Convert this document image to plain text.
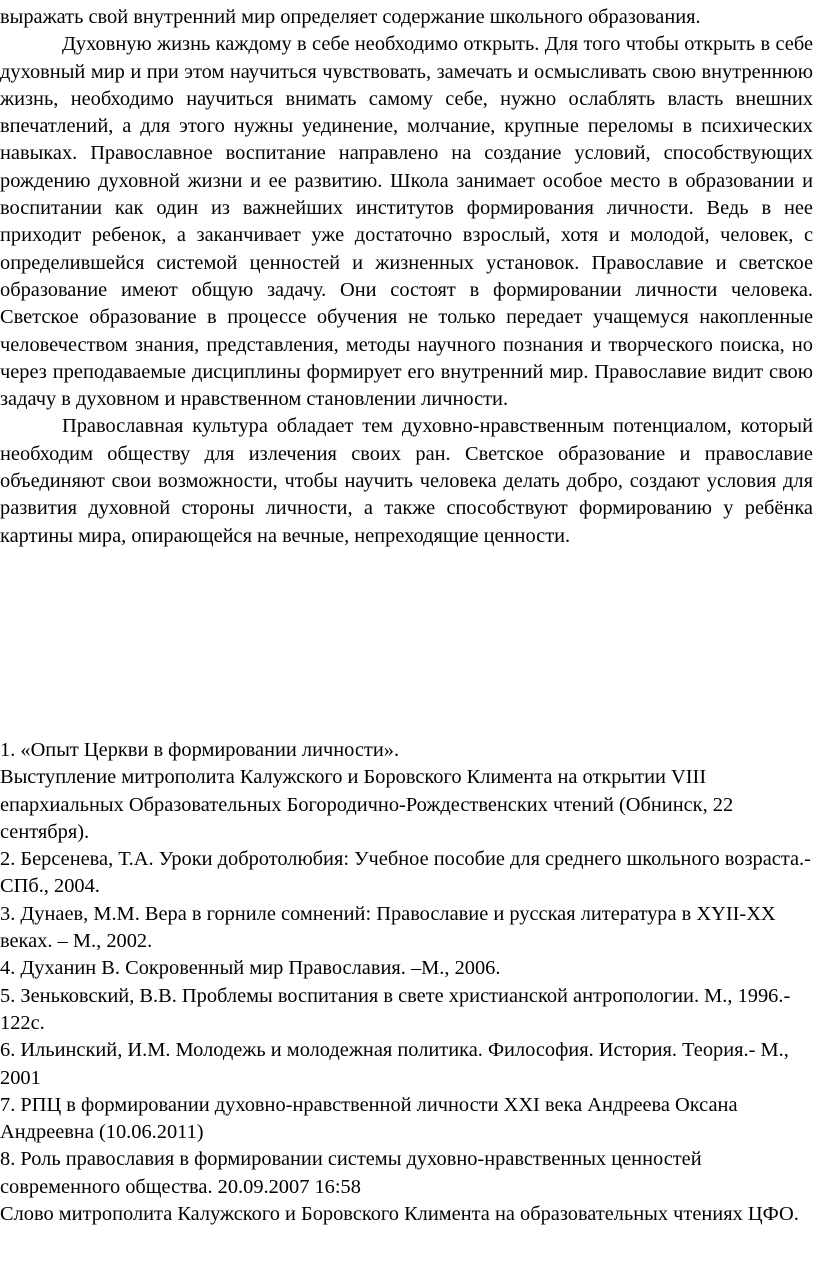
выражать свой внутренний мир определяет содержание школьного образования.

Духовную жизнь каждому в себе необходимо открыть. Для того чтобы открыть в себе духовный мир и при этом научиться чувствовать, замечать и осмысливать свою внутреннюю жизнь, необходимо научиться внимать самому себе, нужно ослаблять власть внешних впечатлений, а для этого нужны уединение, молчание, крупные переломы в психических навыках. Православное воспитание направлено на создание условий, способствующих рождению духовной жизни и ее развитию. Школа занимает особое место в образовании и воспитании как один из важнейших институтов формирования личности. Ведь в нее приходит ребенок, а заканчивает уже достаточно взрослый, хотя и молодой, человек, с определившейся системой ценностей и жизненных установок. Православие и светское образование имеют общую задачу. Они состоят в формировании личности человека. Светское образование в процессе обучения не только передает учащемуся накопленные человечеством знания, представления, методы научного познания и творческого поиска, но через преподаваемые дисциплины формирует его внутренний мир. Православие видит свою задачу в духовном и нравственном становлении личности.

Православная культура обладает тем духовно-нравственным потенциалом, который необходим обществу для излечения своих ран. Светское образование и православие объединяют свои возможности, чтобы научить человека делать добро, создают условия для развития духовной стороны личности, а также способствуют формированию у ребёнка картины мира, опирающейся на вечные, непреходящие ценности.

1. «Опыт Церкви в формировании личности».

Выступление митрополита Калужского и Боровского Климента на открытии VIII епархиальных Образовательных Богородично-Рождественских чтений (Обнинск, 22 сентября).

2. Берсенева, Т.А. Уроки добротолюбия: Учебное пособие для среднего школьного возраста.- СПб., 2004.

3. Дунаев, М.М. Вера в горниле сомнений: Православие и русская литература в XYII-XX веках. – М., 2002.

4. Духанин В. Сокровенный мир Православия. –М., 2006.

5. Зеньковский, В.В. Проблемы воспитания в свете христианской антропологии. М., 1996.- 122с.

6. Ильинский, И.М. Молодежь и молодежная политика. Философия. История. Теория.- М., 2001

7. РПЦ в формировании духовно-нравственной личности XXI века Андреева Оксана Андреевна (10.06.2011)

8. Роль православия в формировании системы духовно-нравственных ценностей современного общества. 20.09.2007 16:58

Слово митрополита Калужского и Боровского Климента на образовательных чтениях ЦФО.
